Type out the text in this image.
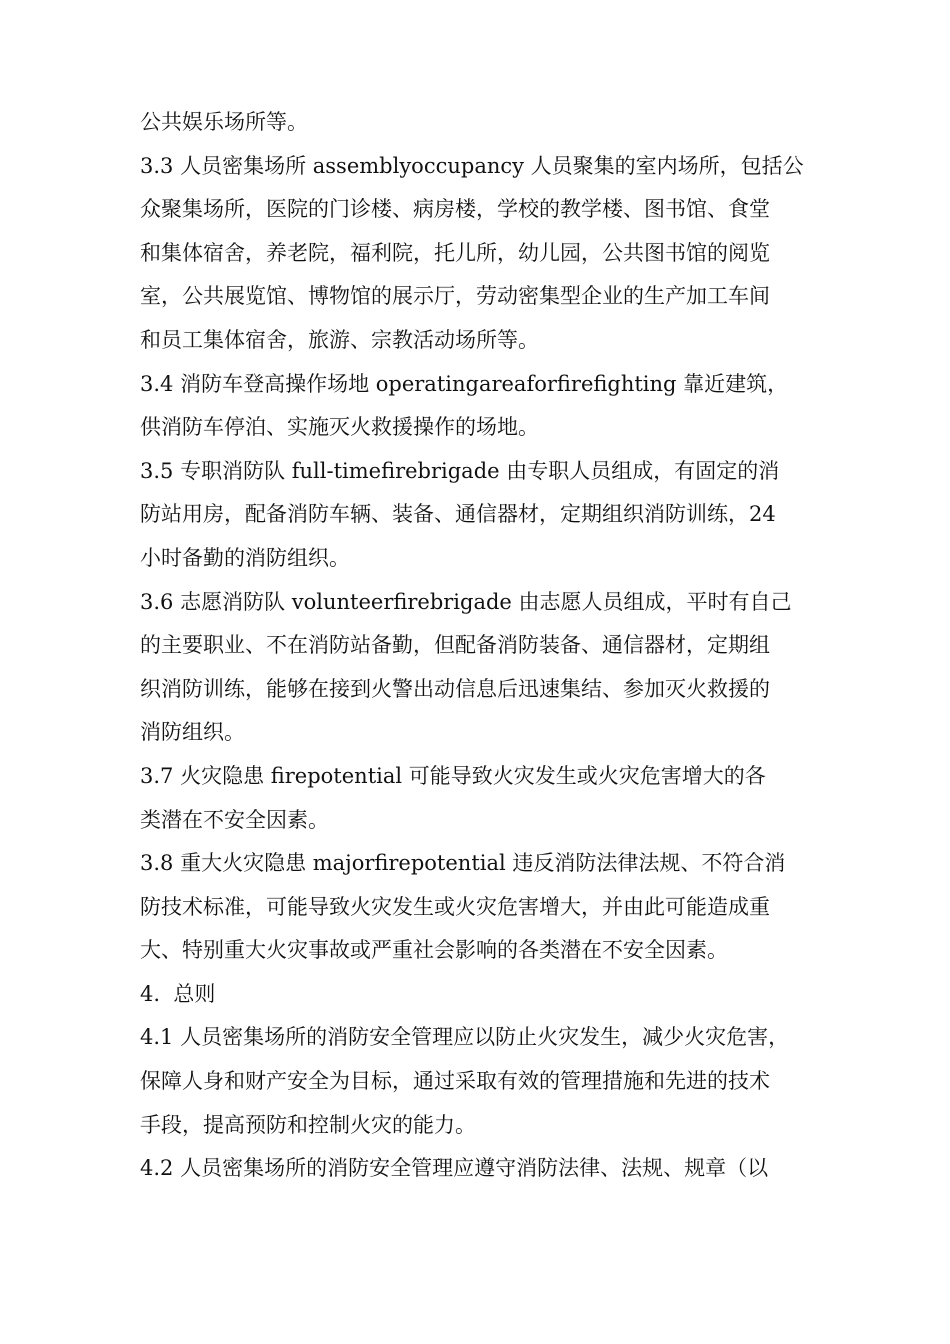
公共娱乐场所等。
3.3 人员密集场所 assemblyoccupancy 人员聚集的室内场所，包括公
众聚集场所，医院的门诊楼、病房楼，学校的教学楼、图书馆、食堂
和集体宿舍，养老院，福利院，托儿所，幼儿园，公共图书馆的阅览
室，公共展览馆、博物馆的展示厅，劳动密集型企业的生产加工车间
和员工集体宿舍，旅游、宗教活动场所等。
3.4 消防车登高操作场地 operatingareaforfirefighting 靠近建筑，
供消防车停泊、实施灭火救援操作的场地。
3.5 专职消防队 full-timefirebrigade 由专职人员组成，有固定的消
防站用房，配备消防车辆、装备、通信器材，定期组织消防训练，24
小时备勤的消防组织。
3.6 志愿消防队 volunteerfirebrigade 由志愿人员组成，平时有自己
的主要职业、不在消防站备勤，但配备消防装备、通信器材，定期组
织消防训练，能够在接到火警出动信息后迅速集结、参加灭火救援的
消防组织。
3.7 火灾隐患 firepotential 可能导致火灾发生或火灾危害增大的各
类潜在不安全因素。
3.8 重大火灾隐患 majorfirepotential 违反消防法律法规、不符合消
防技术标准，可能导致火灾发生或火灾危害增大，并由此可能造成重
大、特别重大火灾事故或严重社会影响的各类潜在不安全因素。
4.  总则
4.1 人员密集场所的消防安全管理应以防止火灾发生，减少火灾危害，
保障人身和财产安全为目标，通过采取有效的管理措施和先进的技术
手段，提高预防和控制火灾的能力。
4.2 人员密集场所的消防安全管理应遵守消防法律、法规、规章（以
